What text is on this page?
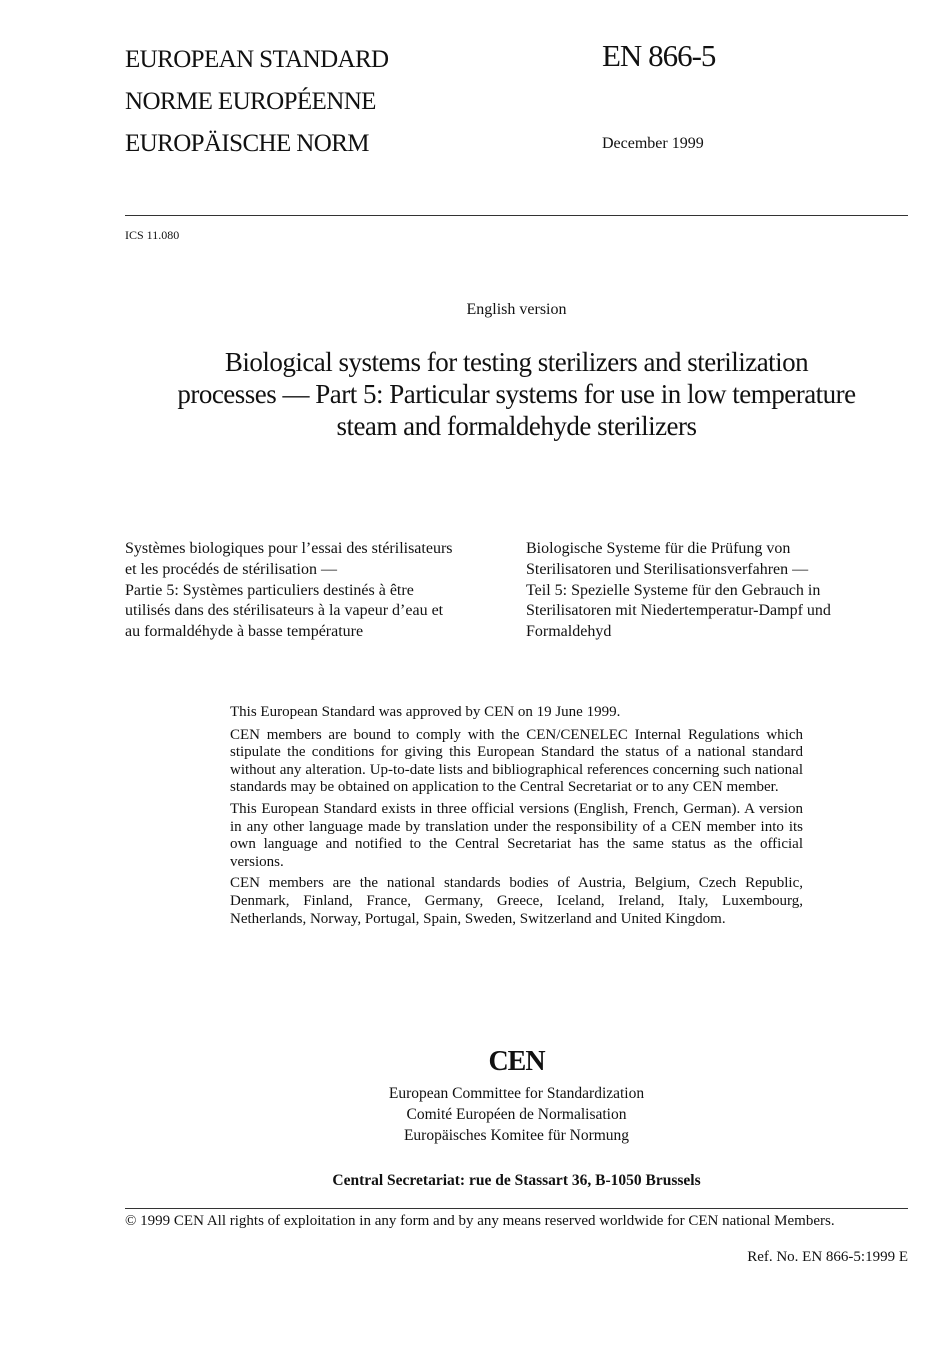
EUROPEAN STANDARD
NORME EUROPÉENNE
EUROPÄISCHE NORM
EN 866-5
December 1999
ICS 11.080
English version
Biological systems for testing sterilizers and sterilization
processes — Part 5: Particular systems for use in low temperature
steam and formaldehyde sterilizers

Systèmes biologiques pour l’essai des stérilisateurs

et les procédés de stérilisation —

Partie 5: Systèmes particuliers destinés à être

utilisés dans des stérilisateurs à la vapeur d’eau et

au formaldéhyde à basse température

Biologische Systeme für die Prüfung von

Sterilisatoren und Sterilisationsverfahren —

Teil 5: Spezielle Systeme für den Gebrauch in

Sterilisatoren mit Niedertemperatur-Dampf und

Formaldehyd

This European Standard was approved by CEN on 19 June 1999.

CEN members are bound to comply with the CEN/CENELEC Internal Regulations which stipulate the conditions for giving this European Standard the status of a national standard without any alteration. Up-to-date lists and bibliographical references concerning such national standards may be obtained on application to the Central Secretariat or to any CEN member.

This European Standard exists in three official versions (English, French, German). A version in any other language made by translation under the responsibility of a CEN member into its own language and notified to the Central Secretariat has the same status as the official versions.

CEN members are the national standards bodies of Austria, Belgium, Czech Republic, Denmark, Finland, France, Germany, Greece, Iceland, Ireland, Italy, Luxembourg, Netherlands, Norway, Portugal, Spain, Sweden, Switzerland and United Kingdom.

CEN
European Committee for Standardization
Comité Européen de Normalisation
Europäisches Komitee für Normung
Central Secretariat: rue de Stassart 36, B-1050 Brussels
© 1999 CEN All rights of exploitation in any form and by any means reserved worldwide for CEN national Members.
Ref. No. EN 866-5:1999 E
